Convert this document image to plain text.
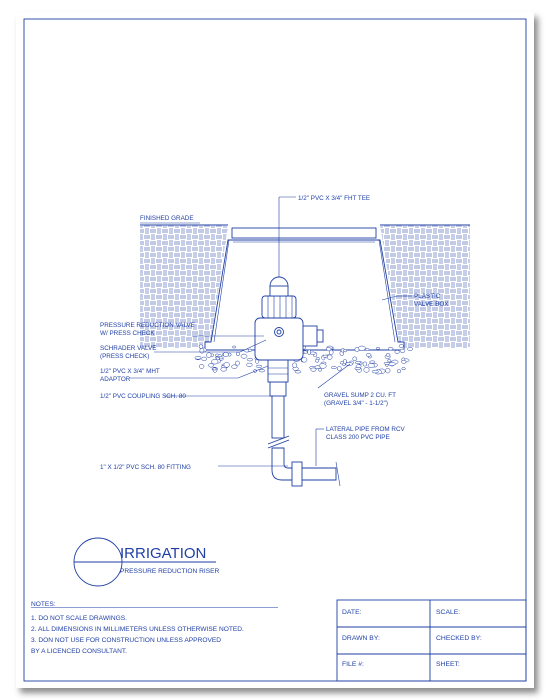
1/2" PVC X 3/4" FHT TEE
FINISHED GRADE
PLASTIC
VALVE BOX
PRESSURE REDUCTION VALVE
W/ PRESS CHECK
SCHRADER VALVE
(PRESS CHECK)
1/2" PVC X 3/4" MHT
ADAPTOR
1/2" PVC COUPLING SCH. 80	GRAVEL SUMP 2 CU. FT
(GRAVEL 3/4" - 1-1/2")
LATERAL PIPE FROM RCV
CLASS 200 PVC PIPE
1" X 1/2" PVC SCH. 80 FITTING
IRRIGATION
PRESSURE REDUCTION RISER
NOTES:
1. DO NOT SCALE DRAWINGS.
2. ALL DIMENSIONS IN MILLIMETERS UNLESS OTHERWISE NOTED.
3. DON NOT USE FOR CONSTRUCTION UNLESS APPROVED
BY A LICENCED CONSULTANT.
DATE:	SCALE:
DRAWN BY:	CHECKED BY:
FILE #:	SHEET:
